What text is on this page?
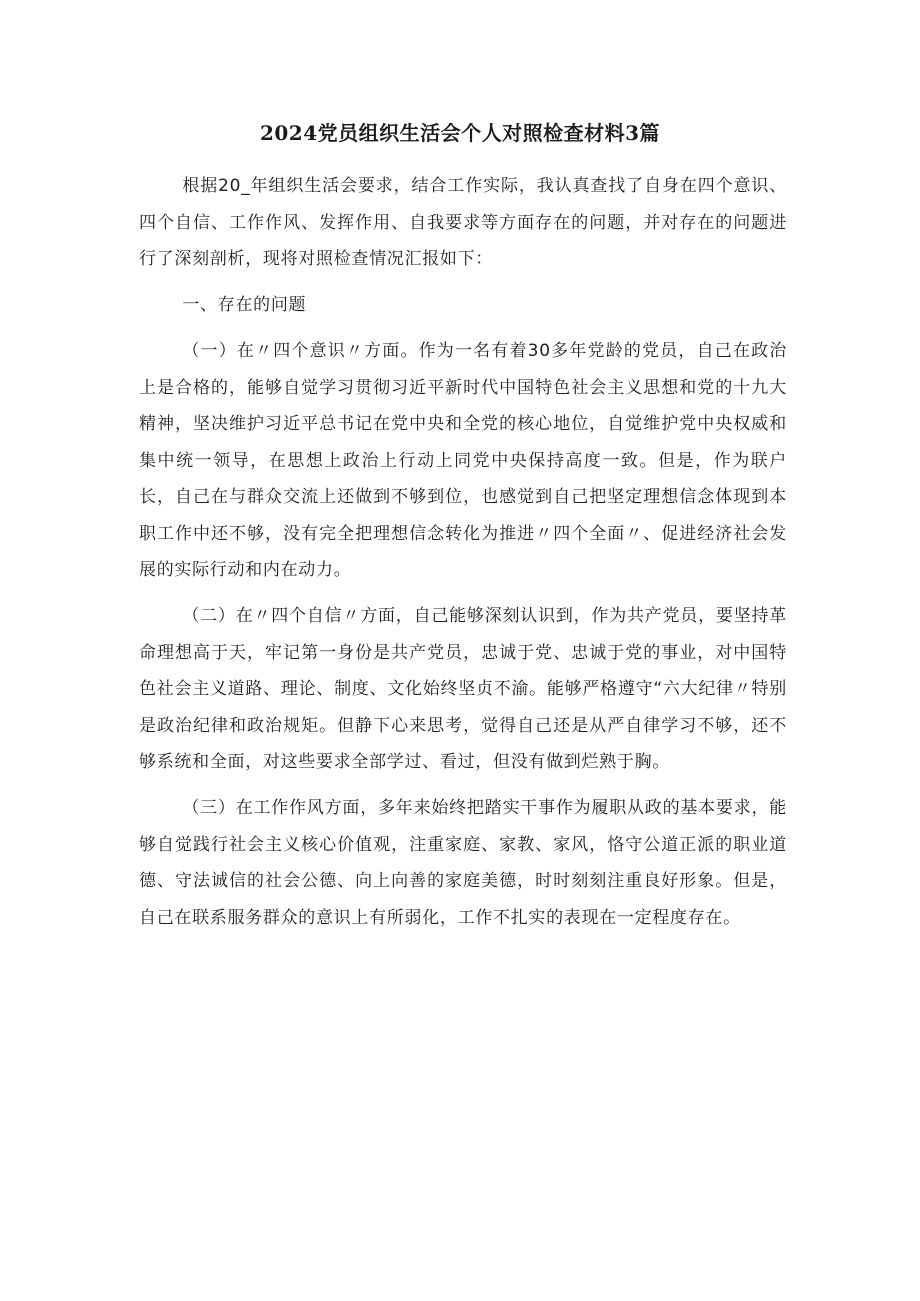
2024党员组织生活会个人对照检查材料3篇

根据20_年组织生活会要求，结合工作实际，我认真查找了自身在四个意识、四个自信、工作作风、发挥作用、自我要求等方面存在的问题，并对存在的问题进行了深刻剖析，现将对照检查情况汇报如下：

一、存在的问题

（一）在〃四个意识〃方面。作为一名有着30多年党龄的党员，自己在政治上是合格的，能够自觉学习贯彻习近平新时代中国特色社会主义思想和党的十九大精神，坚决维护习近平总书记在党中央和全党的核心地位，自觉维护党中央权威和集中统一领导，在思想上政治上行动上同党中央保持高度一致。但是，作为联户长，自己在与群众交流上还做到不够到位，也感觉到自己把坚定理想信念体现到本职工作中还不够，没有完全把理想信念转化为推进〃四个全面〃、促进经济社会发展的实际行动和内在动力。

（二）在〃四个自信〃方面，自己能够深刻认识到，作为共产党员，要坚持革命理想高于天，牢记第一身份是共产党员，忠诚于党、忠诚于党的事业，对中国特色社会主义道路、理论、制度、文化始终坚贞不渝。能够严格遵守“六大纪律〃特别是政治纪律和政治规矩。但静下心来思考，觉得自己还是从严自律学习不够，还不够系统和全面，对这些要求全部学过、看过，但没有做到烂熟于胸。

（三）在工作作风方面，多年来始终把踏实干事作为履职从政的基本要求，能够自觉践行社会主义核心价值观，注重家庭、家教、家风，恪守公道正派的职业道德、守法诚信的社会公德、向上向善的家庭美德，时时刻刻注重良好形象。但是，自己在联系服务群众的意识上有所弱化，工作不扎实的表现在一定程度存在。
